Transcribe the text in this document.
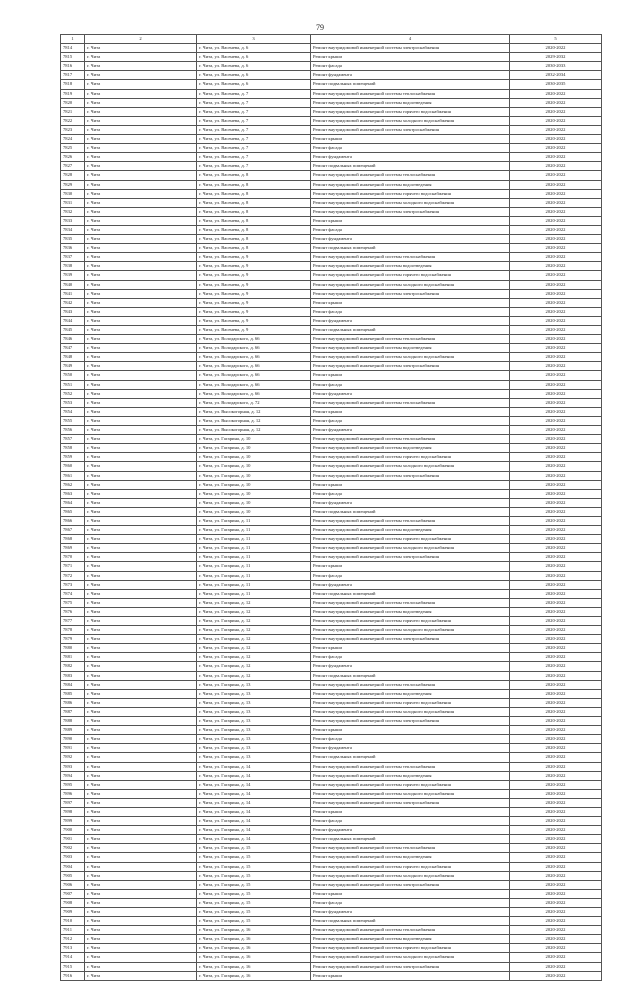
79
1	2	3	4	5
7814	г. Чита	г. Чита, ул. Васенева, д. 6	Ремонт внутридомовой инженерной системы электроснабжения	2020-2022
7815	г. Чита	г. Чита, ул. Васенева, д. 6	Ремонт крыши	2029-2032
7816	г. Чита	г. Чита, ул. Васенева, д. 6	Ремонт фасада	2030-2033
7817	г. Чита	г. Чита, ул. Васенева, д. 6	Ремонт фундамента	2032-2034
7818	г. Чита	г. Чита, ул. Васенева, д. 6	Ремонт подвальных помещений	2030-2035
7819	г. Чита	г. Чита, ул. Васенева, д. 7	Ремонт внутридомовой инженерной системы теплоснабжения	2020-2022
7820	г. Чита	г. Чита, ул. Васенева, д. 7	Ремонт внутридомовой инженерной системы водоотведения	2020-2022
7821	г. Чита	г. Чита, ул. Васенева, д. 7	Ремонт внутридомовой инженерной системы горячего водоснабжения	2020-2022
7822	г. Чита	г. Чита, ул. Васенева, д. 7	Ремонт внутридомовой инженерной системы холодного водоснабжения	2020-2022
7823	г. Чита	г. Чита, ул. Васенева, д. 7	Ремонт внутридомовой инженерной системы электроснабжения	2020-2022
7824	г. Чита	г. Чита, ул. Васенева, д. 7	Ремонт крыши	2020-2022
7825	г. Чита	г. Чита, ул. Васенева, д. 7	Ремонт фасада	2020-2022
7826	г. Чита	г. Чита, ул. Васенева, д. 7	Ремонт фундамента	2020-2022
7827	г. Чита	г. Чита, ул. Васенева, д. 7	Ремонт подвальных помещений	2020-2022
7828	г. Чита	г. Чита, ул. Васенева, д. 8	Ремонт внутридомовой инженерной системы теплоснабжения	2020-2022
7829	г. Чита	г. Чита, ул. Васенева, д. 8	Ремонт внутридомовой инженерной системы водоотведения	2020-2022
7830	г. Чита	г. Чита, ул. Васенева, д. 8	Ремонт внутридомовой инженерной системы горячего водоснабжения	2020-2022
7831	г. Чита	г. Чита, ул. Васенева, д. 8	Ремонт внутридомовой инженерной системы холодного водоснабжения	2020-2022
7832	г. Чита	г. Чита, ул. Васенева, д. 8	Ремонт внутридомовой инженерной системы электроснабжения	2020-2022
7833	г. Чита	г. Чита, ул. Васенева, д. 8	Ремонт крыши	2020-2022
7834	г. Чита	г. Чита, ул. Васенева, д. 8	Ремонт фасада	2020-2022
7835	г. Чита	г. Чита, ул. Васенева, д. 8	Ремонт фундамента	2020-2022
7836	г. Чита	г. Чита, ул. Васенева, д. 8	Ремонт подвальных помещений	2020-2022
7837	г. Чита	г. Чита, ул. Васенева, д. 9	Ремонт внутридомовой инженерной системы теплоснабжения	2020-2022
7838	г. Чита	г. Чита, ул. Васенева, д. 9	Ремонт внутридомовой инженерной системы водоотведения	2020-2022
7839	г. Чита	г. Чита, ул. Васенева, д. 9	Ремонт внутридомовой инженерной системы горячего водоснабжения	2020-2022
7840	г. Чита	г. Чита, ул. Васенева, д. 9	Ремонт внутридомовой инженерной системы холодного водоснабжения	2020-2022
7841	г. Чита	г. Чита, ул. Васенева, д. 9	Ремонт внутридомовой инженерной системы электроснабжения	2020-2022
7842	г. Чита	г. Чита, ул. Васенева, д. 9	Ремонт крыши	2020-2022
7843	г. Чита	г. Чита, ул. Васенева, д. 9	Ремонт фасада	2020-2022
7844	г. Чита	г. Чита, ул. Васенева, д. 9	Ремонт фундамента	2020-2022
7845	г. Чита	г. Чита, ул. Васенева, д. 9	Ремонт подвальных помещений	2020-2022
7846	г. Чита	г. Чита, ул. Володарского, д. 66	Ремонт внутридомовой инженерной системы теплоснабжения	2020-2022
7847	г. Чита	г. Чита, ул. Володарского, д. 66	Ремонт внутридомовой инженерной системы водоотведения	2020-2022
7848	г. Чита	г. Чита, ул. Володарского, д. 66	Ремонт внутридомовой инженерной системы холодного водоснабжения	2020-2022
7849	г. Чита	г. Чита, ул. Володарского, д. 66	Ремонт внутридомовой инженерной системы электроснабжения	2020-2022
7850	г. Чита	г. Чита, ул. Володарского, д. 66	Ремонт крыши	2020-2022
7851	г. Чита	г. Чита, ул. Володарского, д. 66	Ремонт фасада	2020-2022
7852	г. Чита	г. Чита, ул. Володарского, д. 66	Ремонт фундамента	2020-2022
7853	г. Чита	г. Чита, ул. Володарского, д. 72	Ремонт внутридомовой инженерной системы теплоснабжения	2020-2022
7854	г. Чита	г. Чита, ул. Высокогорная, д. 12	Ремонт крыши	2020-2022
7855	г. Чита	г. Чита, ул. Высокогорная, д. 12	Ремонт фасада	2020-2022
7856	г. Чита	г. Чита, ул. Высокогорная, д. 12	Ремонт фундамента	2020-2022
7857	г. Чита	г. Чита, ул. Гагарина, д. 10	Ремонт внутридомовой инженерной системы теплоснабжения	2020-2022
7858	г. Чита	г. Чита, ул. Гагарина, д. 10	Ремонт внутридомовой инженерной системы водоотведения	2020-2022
7859	г. Чита	г. Чита, ул. Гагарина, д. 10	Ремонт внутридомовой инженерной системы горячего водоснабжения	2020-2022
7860	г. Чита	г. Чита, ул. Гагарина, д. 10	Ремонт внутридомовой инженерной системы холодного водоснабжения	2020-2022
7861	г. Чита	г. Чита, ул. Гагарина, д. 10	Ремонт внутридомовой инженерной системы электроснабжения	2020-2022
7862	г. Чита	г. Чита, ул. Гагарина, д. 10	Ремонт крыши	2020-2022
7863	г. Чита	г. Чита, ул. Гагарина, д. 10	Ремонт фасада	2020-2022
7864	г. Чита	г. Чита, ул. Гагарина, д. 10	Ремонт фундамента	2020-2022
7865	г. Чита	г. Чита, ул. Гагарина, д. 10	Ремонт подвальных помещений	2020-2022
7866	г. Чита	г. Чита, ул. Гагарина, д. 11	Ремонт внутридомовой инженерной системы теплоснабжения	2020-2022
7867	г. Чита	г. Чита, ул. Гагарина, д. 11	Ремонт внутридомовой инженерной системы водоотведения	2020-2022
7868	г. Чита	г. Чита, ул. Гагарина, д. 11	Ремонт внутридомовой инженерной системы горячего водоснабжения	2020-2022
7869	г. Чита	г. Чита, ул. Гагарина, д. 11	Ремонт внутридомовой инженерной системы холодного водоснабжения	2020-2022
7870	г. Чита	г. Чита, ул. Гагарина, д. 11	Ремонт внутридомовой инженерной системы электроснабжения	2020-2022
7871	г. Чита	г. Чита, ул. Гагарина, д. 11	Ремонт крыши	2020-2022
7872	г. Чита	г. Чита, ул. Гагарина, д. 11	Ремонт фасада	2020-2022
7873	г. Чита	г. Чита, ул. Гагарина, д. 11	Ремонт фундамента	2020-2022
7874	г. Чита	г. Чита, ул. Гагарина, д. 11	Ремонт подвальных помещений	2020-2022
7875	г. Чита	г. Чита, ул. Гагарина, д. 12	Ремонт внутридомовой инженерной системы теплоснабжения	2020-2022
7876	г. Чита	г. Чита, ул. Гагарина, д. 12	Ремонт внутридомовой инженерной системы водоотведения	2020-2022
7877	г. Чита	г. Чита, ул. Гагарина, д. 12	Ремонт внутридомовой инженерной системы горячего водоснабжения	2020-2022
7878	г. Чита	г. Чита, ул. Гагарина, д. 12	Ремонт внутридомовой инженерной системы холодного водоснабжения	2020-2022
7879	г. Чита	г. Чита, ул. Гагарина, д. 12	Ремонт внутридомовой инженерной системы электроснабжения	2020-2022
7880	г. Чита	г. Чита, ул. Гагарина, д. 12	Ремонт крыши	2020-2022
7881	г. Чита	г. Чита, ул. Гагарина, д. 12	Ремонт фасада	2020-2022
7882	г. Чита	г. Чита, ул. Гагарина, д. 12	Ремонт фундамента	2020-2022
7883	г. Чита	г. Чита, ул. Гагарина, д. 12	Ремонт подвальных помещений	2020-2022
7884	г. Чита	г. Чита, ул. Гагарина, д. 13	Ремонт внутридомовой инженерной системы теплоснабжения	2020-2022
7885	г. Чита	г. Чита, ул. Гагарина, д. 13	Ремонт внутридомовой инженерной системы водоотведения	2020-2022
7886	г. Чита	г. Чита, ул. Гагарина, д. 13	Ремонт внутридомовой инженерной системы горячего водоснабжения	2020-2022
7887	г. Чита	г. Чита, ул. Гагарина, д. 13	Ремонт внутридомовой инженерной системы холодного водоснабжения	2020-2022
7888	г. Чита	г. Чита, ул. Гагарина, д. 13	Ремонт внутридомовой инженерной системы электроснабжения	2020-2022
7889	г. Чита	г. Чита, ул. Гагарина, д. 13	Ремонт крыши	2020-2022
7890	г. Чита	г. Чита, ул. Гагарина, д. 13	Ремонт фасада	2020-2022
7891	г. Чита	г. Чита, ул. Гагарина, д. 13	Ремонт фундамента	2020-2022
7892	г. Чита	г. Чита, ул. Гагарина, д. 13	Ремонт подвальных помещений	2020-2022
7893	г. Чита	г. Чита, ул. Гагарина, д. 14	Ремонт внутридомовой инженерной системы теплоснабжения	2020-2022
7894	г. Чита	г. Чита, ул. Гагарина, д. 14	Ремонт внутридомовой инженерной системы водоотведения	2020-2022
7895	г. Чита	г. Чита, ул. Гагарина, д. 14	Ремонт внутридомовой инженерной системы горячего водоснабжения	2020-2022
7896	г. Чита	г. Чита, ул. Гагарина, д. 14	Ремонт внутридомовой инженерной системы холодного водоснабжения	2020-2022
7897	г. Чита	г. Чита, ул. Гагарина, д. 14	Ремонт внутридомовой инженерной системы электроснабжения	2020-2022
7898	г. Чита	г. Чита, ул. Гагарина, д. 14	Ремонт крыши	2020-2022
7899	г. Чита	г. Чита, ул. Гагарина, д. 14	Ремонт фасада	2020-2022
7900	г. Чита	г. Чита, ул. Гагарина, д. 14	Ремонт фундамента	2020-2022
7901	г. Чита	г. Чита, ул. Гагарина, д. 14	Ремонт подвальных помещений	2020-2022
7902	г. Чита	г. Чита, ул. Гагарина, д. 15	Ремонт внутридомовой инженерной системы теплоснабжения	2020-2022
7903	г. Чита	г. Чита, ул. Гагарина, д. 15	Ремонт внутридомовой инженерной системы водоотведения	2020-2022
7904	г. Чита	г. Чита, ул. Гагарина, д. 15	Ремонт внутридомовой инженерной системы горячего водоснабжения	2020-2022
7905	г. Чита	г. Чита, ул. Гагарина, д. 15	Ремонт внутридомовой инженерной системы холодного водоснабжения	2020-2022
7906	г. Чита	г. Чита, ул. Гагарина, д. 15	Ремонт внутридомовой инженерной системы электроснабжения	2020-2022
7907	г. Чита	г. Чита, ул. Гагарина, д. 15	Ремонт крыши	2020-2022
7908	г. Чита	г. Чита, ул. Гагарина, д. 15	Ремонт фасада	2020-2022
7909	г. Чита	г. Чита, ул. Гагарина, д. 15	Ремонт фундамента	2020-2022
7910	г. Чита	г. Чита, ул. Гагарина, д. 15	Ремонт подвальных помещений	2020-2022
7911	г. Чита	г. Чита, ул. Гагарина, д. 16	Ремонт внутридомовой инженерной системы теплоснабжения	2020-2022
7912	г. Чита	г. Чита, ул. Гагарина, д. 16	Ремонт внутридомовой инженерной системы водоотведения	2020-2022
7913	г. Чита	г. Чита, ул. Гагарина, д. 16	Ремонт внутридомовой инженерной системы горячего водоснабжения	2020-2022
7914	г. Чита	г. Чита, ул. Гагарина, д. 16	Ремонт внутридомовой инженерной системы холодного водоснабжения	2020-2022
7915	г. Чита	г. Чита, ул. Гагарина, д. 16	Ремонт внутридомовой инженерной системы электроснабжения	2020-2022
7916	г. Чита	г. Чита, ул. Гагарина, д. 16	Ремонт крыши	2020-2022
